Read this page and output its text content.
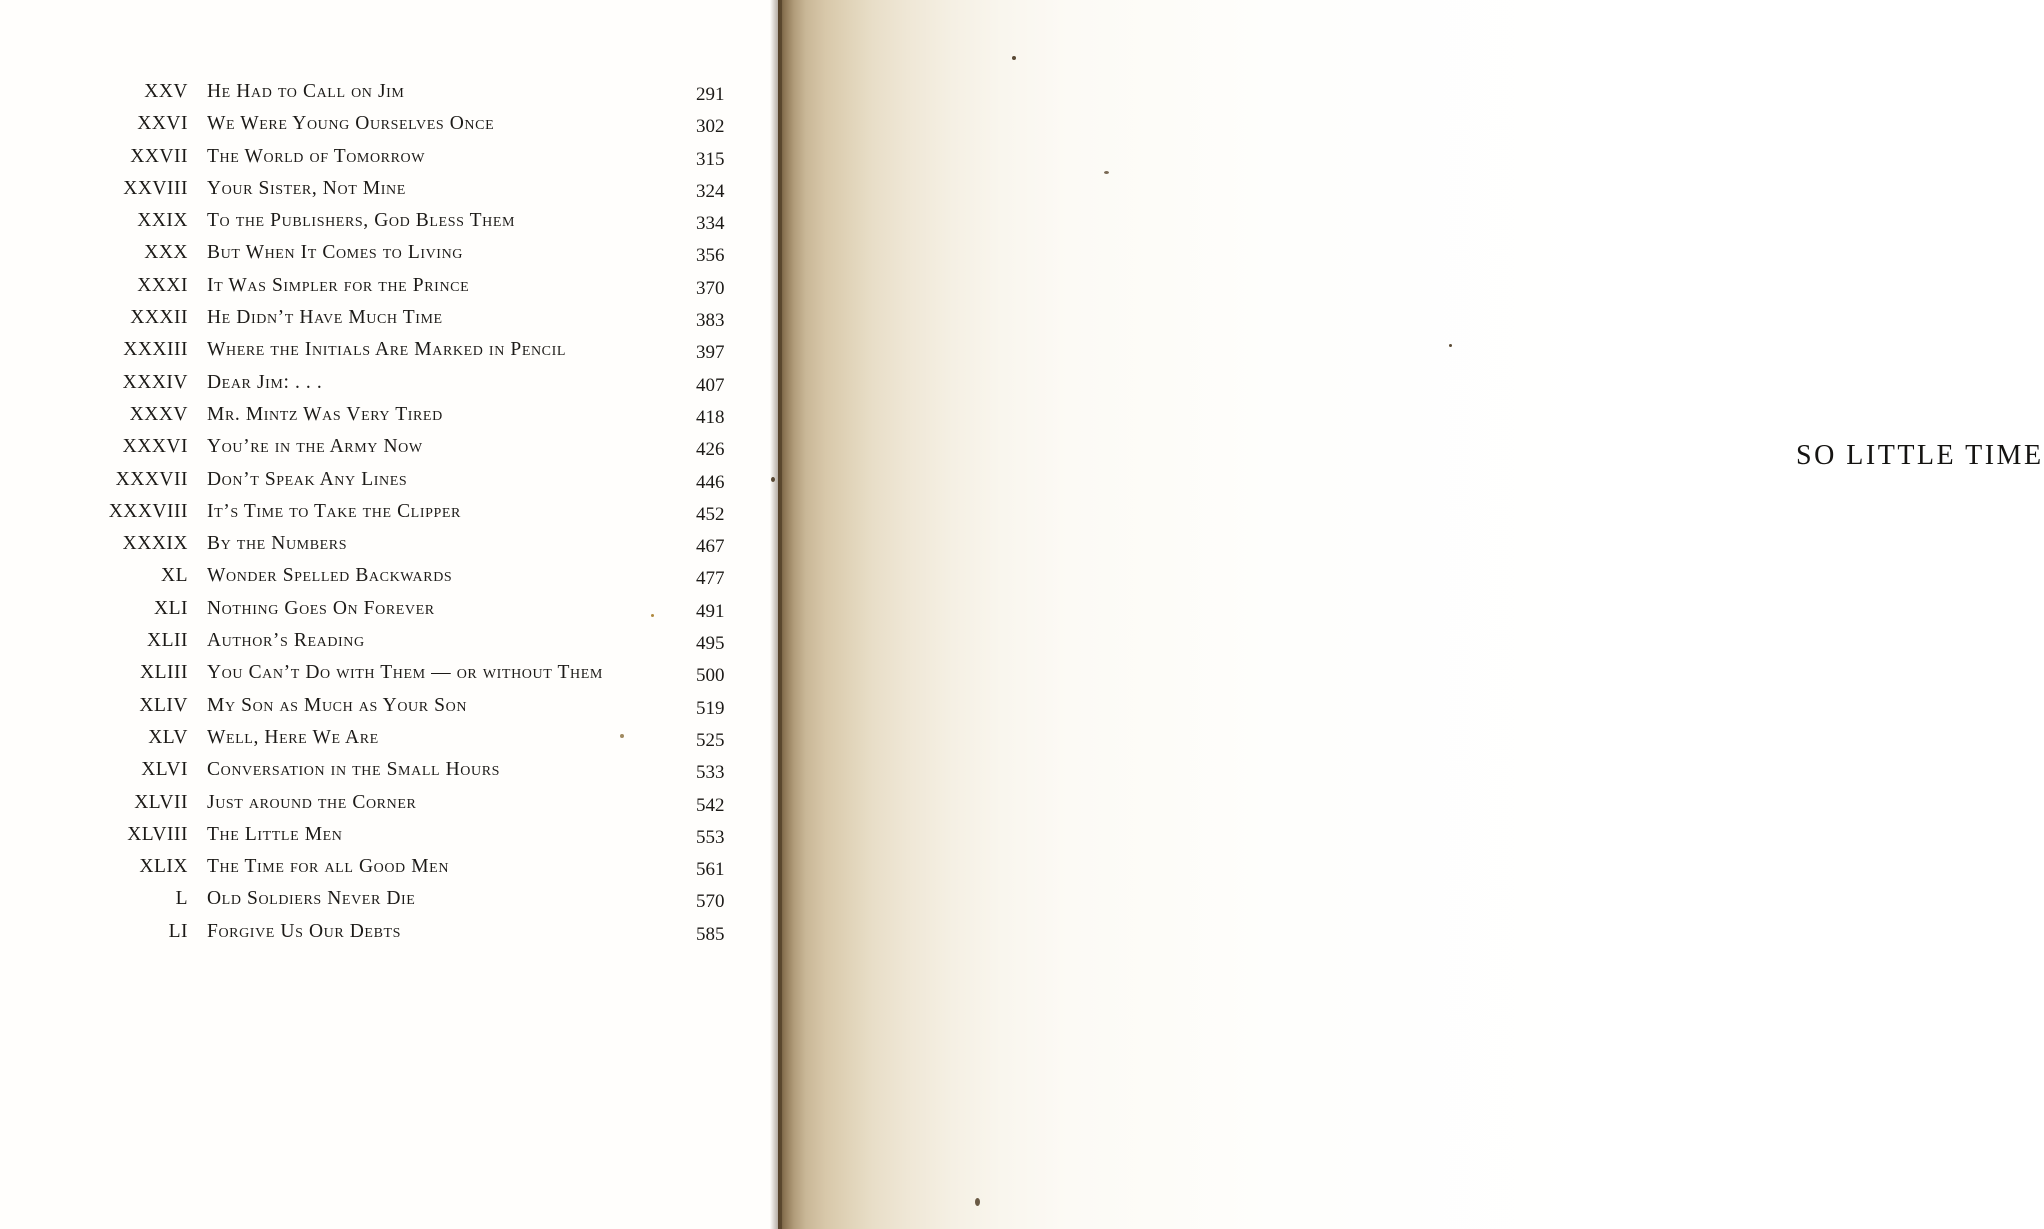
XXV He Had to Call on Jim	291
XXVI We Were Young Ourselves Once	302
XXVII The World of Tomorrow	315
XXVIII Your Sister, Not Mine	324
XXIX To the Publishers, God Bless Them	334
XXX But When It Comes to Living	356
XXXI It Was Simpler for the Prince	370
XXXII He Didn’t Have Much Time	383
XXXIII Where the Initials Are Marked in Pencil	397
XXXIV Dear Jim: . . .	407
XXXV Mr. Mintz Was Very Tired	418
XXXVI You’re in the Army Now	426
XXXVII Don’t Speak Any Lines	446
XXXVIII It’s Time to Take the Clipper	452
XXXIX By the Numbers	467
XL Wonder Spelled Backwards	477
XLI Nothing Goes On Forever	491
XLII Author’s Reading	495
XLIII You Can’t Do with Them — or without Them	500
XLIV My Son as Much as Your Son	519
XLV Well, Here We Are	525
XLVI Conversation in the Small Hours	533
XLVII Just around the Corner	542
XLVIII The Little Men	553
XLIX The Time for all Good Men	561
L Old Soldiers Never Die	570
LI Forgive Us Our Debts	585
SO LITTLE TIME
